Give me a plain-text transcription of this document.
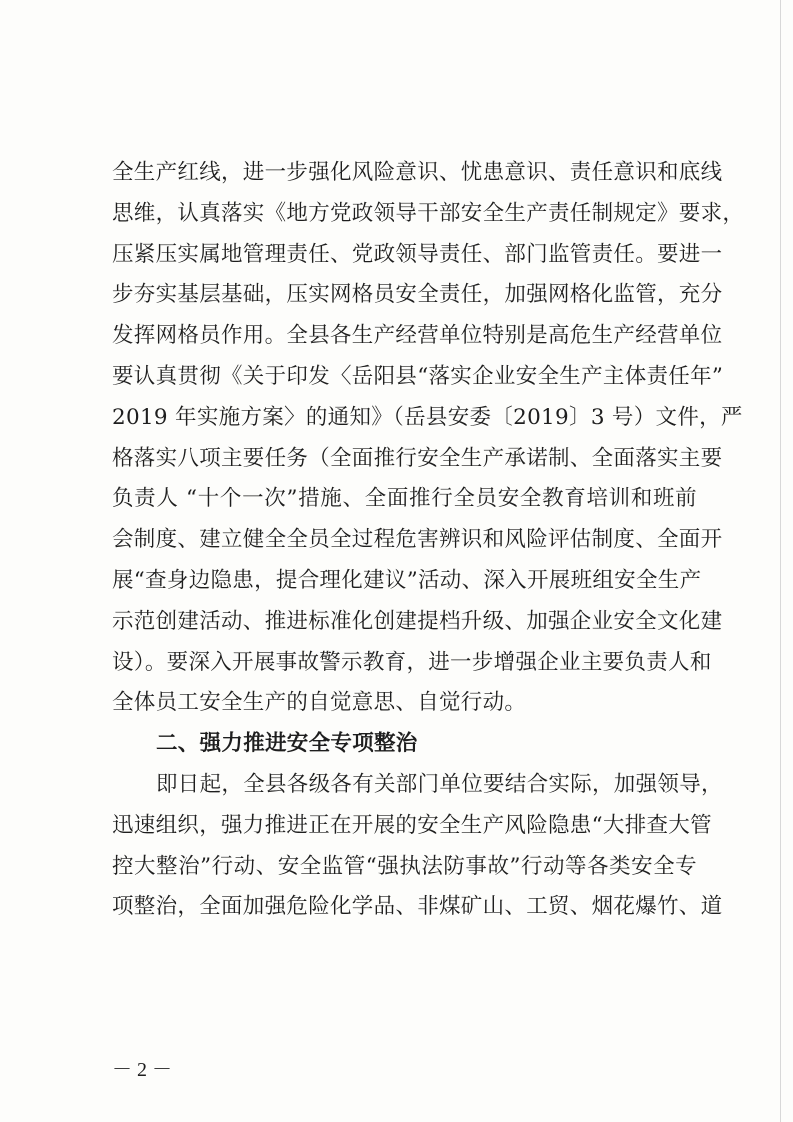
全生产红线，进一步强化风险意识、忧患意识、责任意识和底线
思维，认真落实《地方党政领导干部安全生产责任制规定》要求，
压紧压实属地管理责任、党政领导责任、部门监管责任。要进一
步夯实基层基础，压实网格员安全责任，加强网格化监管，充分
发挥网格员作用。全县各生产经营单位特别是高危生产经营单位
要认真贯彻《关于印发〈岳阳县“落实企业安全生产主体责任年”
2019 年实施方案〉的通知》（岳县安委〔2019〕3 号）文件，严
格落实八项主要任务（全面推行安全生产承诺制、全面落实主要
负责人 “十个一次”措施、全面推行全员安全教育培训和班前
会制度、建立健全全员全过程危害辨识和风险评估制度、全面开
展“查身边隐患，提合理化建议”活动、深入开展班组安全生产
示范创建活动、推进标准化创建提档升级、加强企业安全文化建
设）。要深入开展事故警示教育，进一步增强企业主要负责人和
全体员工安全生产的自觉意思、自觉行动。
二、强力推进安全专项整治
即日起，全县各级各有关部门单位要结合实际，加强领导，
迅速组织，强力推进正在开展的安全生产风险隐患“大排查大管
控大整治”行动、安全监管“强执法防事故”行动等各类安全专
项整治，全面加强危险化学品、非煤矿山、工贸、烟花爆竹、道
－ 2 －
